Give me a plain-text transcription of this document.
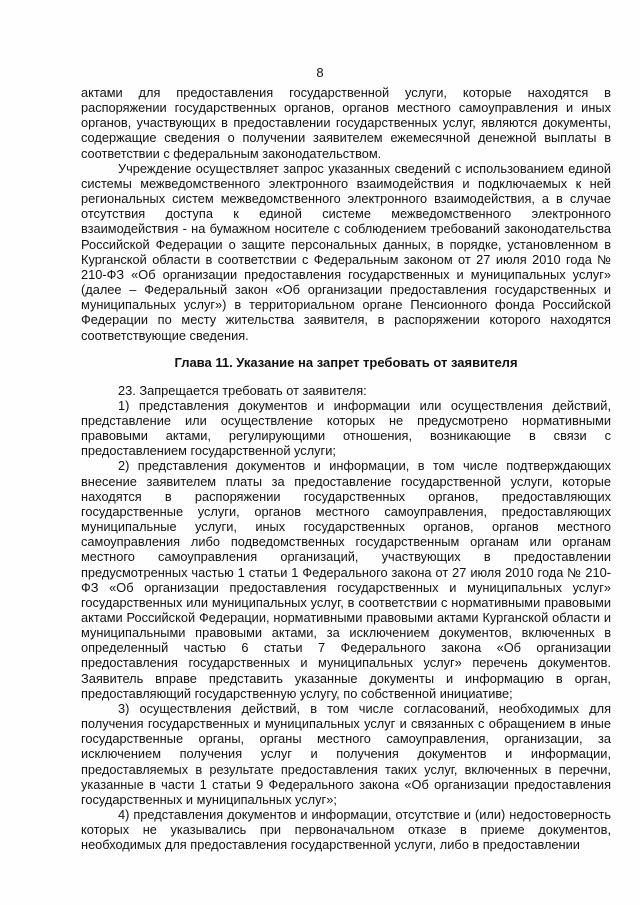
8

актами для предоставления государственной услуги, которые находятся в распоряжении государственных органов, органов местного самоуправления и иных органов, участвующих в предоставлении государственных услуг, являются документы, содержащие сведения о получении заявителем ежемесячной денежной выплаты в соответствии с федеральным законодательством.

Учреждение осуществляет запрос указанных сведений с использованием единой системы межведомственного электронного взаимодействия и подключаемых к ней региональных систем межведомственного электронного взаимодействия, а в случае отсутствия доступа к единой системе межведомственного электронного взаимодействия - на бумажном носителе с соблюдением требований законодательства Российской Федерации о защите персональных данных, в порядке, установленном в Курганской области в соответствии с Федеральным законом от 27 июля 2010 года № 210-ФЗ «Об организации предоставления государственных и муниципальных услуг» (далее – Федеральный закон «Об организации предоставления государственных и муниципальных услуг») в территориальном органе Пенсионного фонда Российской Федерации по месту жительства заявителя, в распоряжении которого находятся соответствующие сведения.

Глава 11. Указание на запрет требовать от заявителя

23. Запрещается требовать от заявителя:

1) представления документов и информации или осуществления действий, представление или осуществление которых не предусмотрено нормативными правовыми актами, регулирующими отношения, возникающие в связи с предоставлением государственной услуги;

2) представления документов и информации, в том числе подтверждающих внесение заявителем платы за предоставление государственной услуги, которые находятся в распоряжении государственных органов, предоставляющих государственные услуги, органов местного самоуправления, предоставляющих муниципальные услуги, иных государственных органов, органов местного самоуправления либо подведомственных государственным органам или органам местного самоуправления организаций, участвующих в предоставлении предусмотренных частью 1 статьи 1 Федерального закона от 27 июля 2010 года № 210-ФЗ «Об организации предоставления государственных и муниципальных услуг» государственных или муниципальных услуг, в соответствии с нормативными правовыми актами Российской Федерации, нормативными правовыми актами Курганской области и муниципальными правовыми актами, за исключением документов, включенных в определенный частью 6 статьи 7 Федерального закона «Об организации предоставления государственных и муниципальных услуг» перечень документов. Заявитель вправе представить указанные документы и информацию в орган, предоставляющий государственную услугу, по собственной инициативе;

3) осуществления действий, в том числе согласований, необходимых для получения государственных и муниципальных услуг и связанных с обращением в иные государственные органы, органы местного самоуправления, организации, за исключением получения услуг и получения документов и информации, предоставляемых в результате предоставления таких услуг, включенных в перечни, указанные в части 1 статьи 9 Федерального закона «Об организации предоставления государственных и муниципальных услуг»;

4) представления документов и информации, отсутствие и (или) недостоверность которых не указывались при первоначальном отказе в приеме документов, необходимых для предоставления государственной услуги, либо в предоставлении
